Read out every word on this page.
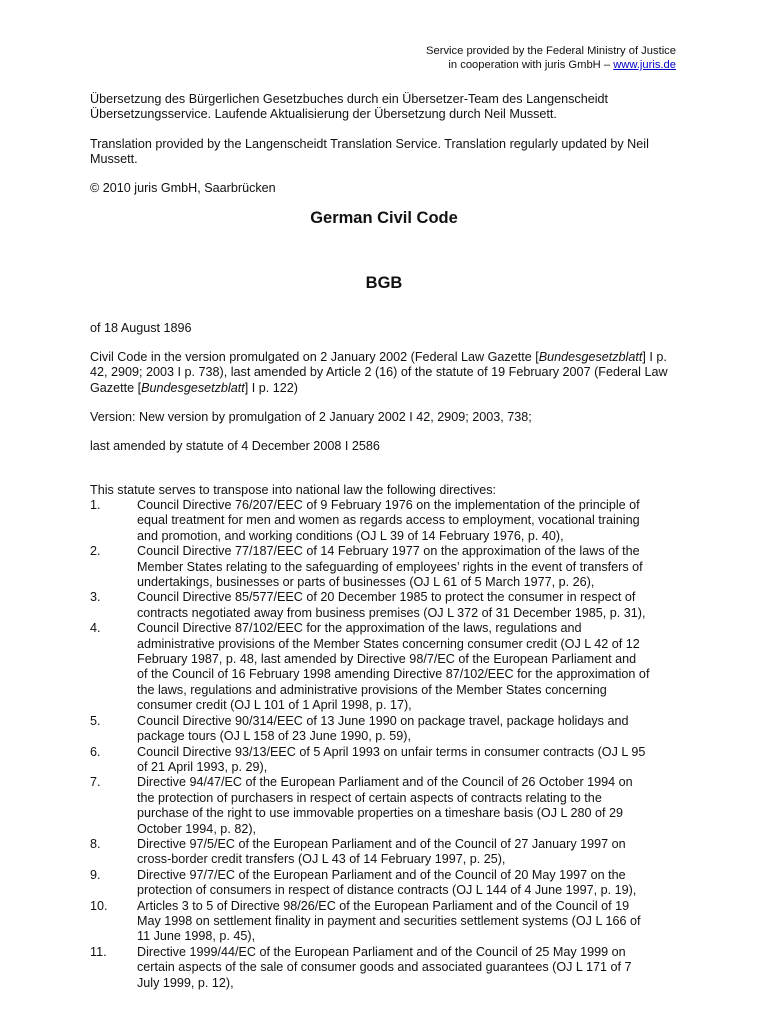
Service provided by the Federal Ministry of Justice
in cooperation with juris GmbH – www.juris.de
Übersetzung des Bürgerlichen Gesetzbuches durch ein Übersetzer-Team des Langenscheidt Übersetzungsservice. Laufende Aktualisierung der Übersetzung durch Neil Mussett.
Translation provided by the Langenscheidt Translation Service. Translation regularly updated by Neil Mussett.
© 2010 juris GmbH, Saarbrücken
German Civil Code
BGB
of 18 August 1896
Civil Code in the version promulgated on 2 January 2002 (Federal Law Gazette [Bundesgesetzblatt] I p. 42, 2909; 2003 I p. 738), last amended by Article 2 (16) of the statute of 19 February 2007 (Federal Law Gazette [Bundesgesetzblatt] I p. 122)
Version: New version by promulgation of 2 January 2002 I 42, 2909; 2003, 738;
last amended by statute of 4 December 2008 I 2586
This statute serves to transpose into national law the following directives:
1.	Council Directive 76/207/EEC of 9 February 1976 on the implementation of the principle of equal treatment for men and women as regards access to employment, vocational training and promotion, and working conditions (OJ L 39 of 14 February 1976, p. 40),
2.	Council Directive 77/187/EEC of 14 February 1977 on the approximation of the laws of the Member States relating to the safeguarding of employees’ rights in the event of transfers of undertakings, businesses or parts of businesses (OJ L 61 of 5 March 1977, p. 26),
3.	Council Directive 85/577/EEC of 20 December 1985 to protect the consumer in respect of contracts negotiated away from business premises (OJ L 372 of 31 December 1985, p. 31),
4.	Council Directive 87/102/EEC for the approximation of the laws, regulations and administrative provisions of the Member States concerning consumer credit (OJ L 42 of 12 February 1987, p. 48, last amended by Directive 98/7/EC of the European Parliament and of the Council of 16 February 1998 amending Directive 87/102/EEC for the approximation of the laws, regulations and administrative provisions of the Member States concerning consumer credit (OJ L 101 of 1 April 1998, p. 17),
5.	Council Directive 90/314/EEC of 13 June 1990 on package travel, package holidays and package tours (OJ L 158 of 23 June 1990, p. 59),
6.	Council Directive 93/13/EEC of 5 April 1993 on unfair terms in consumer contracts (OJ L 95 of 21 April 1993, p. 29),
7.	Directive 94/47/EC of the European Parliament and of the Council of 26 October 1994 on the protection of purchasers in respect of certain aspects of contracts relating to the purchase of the right to use immovable properties on a timeshare basis (OJ L 280 of 29 October 1994, p. 82),
8.	Directive 97/5/EC of the European Parliament and of the Council of 27 January 1997 on cross-border credit transfers (OJ L 43 of 14 February 1997, p. 25),
9.	Directive 97/7/EC of the European Parliament and of the Council of 20 May 1997 on the protection of consumers in respect of distance contracts (OJ L 144 of 4 June 1997, p. 19),
10. Articles 3 to 5 of Directive 98/26/EC of the European Parliament and of the Council of 19 May 1998 on settlement finality in payment and securities settlement systems (OJ L 166 of 11 June 1998, p. 45),
11. Directive 1999/44/EC of the European Parliament and of the Council of 25 May 1999 on certain aspects of the sale of consumer goods and associated guarantees (OJ L 171 of 7 July 1999, p. 12),
